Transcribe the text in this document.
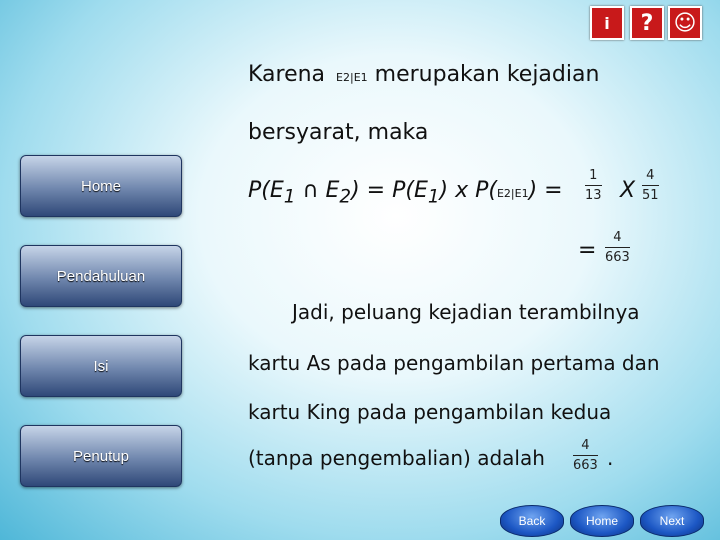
i ? ☺
Home
Pendahuluan
Isi
Penutup
Karena E2|E1 merupakan kejadian
bersyarat, maka
$P(E_1$ ∩ $E_2) = P(E_1)$ x P(E2|E1) =
1
13 X
4
51
=
4
663
Jadi, peluang kejadian terambilnya
kartu As pada pengambilan pertama dan
kartu King pada pengambilan kedua
(tanpa pengembalian) adalah
4
663 .
Back	Home	Next
